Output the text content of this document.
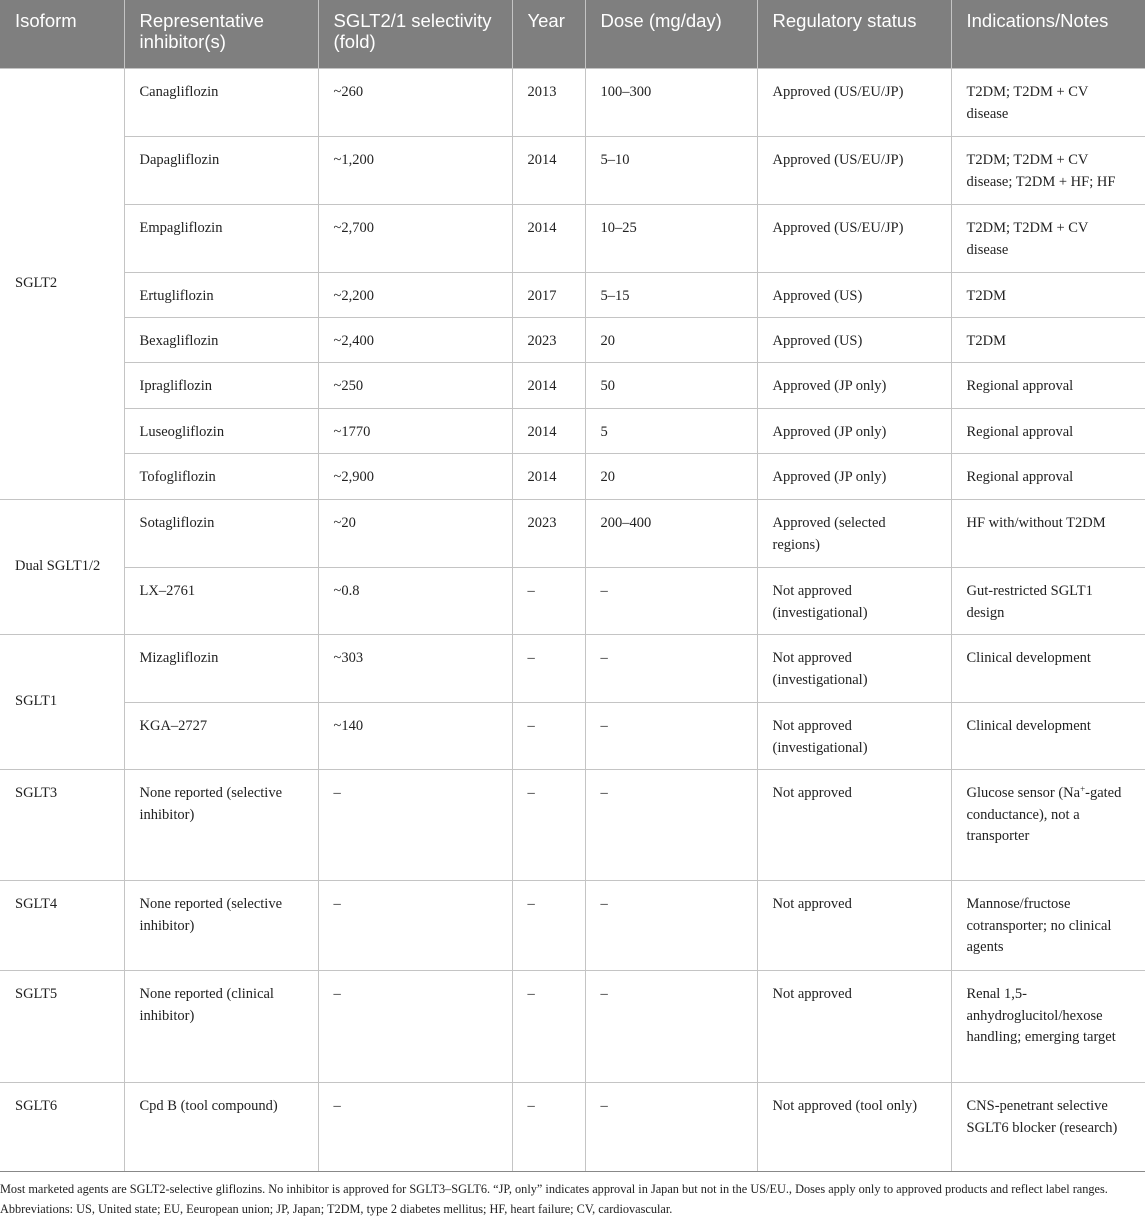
Isoform	Representative inhibitor(s)	SGLT2/1 selectivity (fold)	Year	Dose (mg/day)	Regulatory status	Indications/Notes
SGLT2	Canagliflozin	~260	2013	100–300	Approved (US/EU/JP)	T2DM; T2DM + CV disease
	Dapagliflozin	~1,200	2014	5–10	Approved (US/EU/JP)	T2DM; T2DM + CV disease; T2DM + HF; HF
	Empagliflozin	~2,700	2014	10–25	Approved (US/EU/JP)	T2DM; T2DM + CV disease
	Ertugliflozin	~2,200	2017	5–15	Approved (US)	T2DM
	Bexagliflozin	~2,400	2023	20	Approved (US)	T2DM
	Ipragliflozin	~250	2014	50	Approved (JP only)	Regional approval
	Luseogliflozin	~1770	2014	5	Approved (JP only)	Regional approval
	Tofogliflozin	~2,900	2014	20	Approved (JP only)	Regional approval
Dual SGLT1/2	Sotagliflozin	~20	2023	200–400	Approved (selected regions)	HF with/without T2DM
	LX–2761	~0.8	–	–	Not approved (investigational)	Gut-restricted SGLT1 design
SGLT1	Mizagliflozin	~303	–	–	Not approved (investigational)	Clinical development
	KGA–2727	~140	–	–	Not approved (investigational)	Clinical development
SGLT3	None reported (selective inhibitor)	–	–	–	Not approved	Glucose sensor (Na+-gated conductance), not a transporter
SGLT4	None reported (selective inhibitor)	–	–	–	Not approved	Mannose/fructose cotransporter; no clinical agents
SGLT5	None reported (clinical inhibitor)	–	–	–	Not approved	Renal 1,5-anhydroglucitol/hexose handling; emerging target
SGLT6	Cpd B (tool compound)	–	–	–	Not approved (tool only)	CNS-penetrant selective SGLT6 blocker (research)
Most marketed agents are SGLT2-selective gliflozins. No inhibitor is approved for SGLT3–SGLT6. “JP, only” indicates approval in Japan but not in the US/EU., Doses apply only to approved products and reflect label ranges. Abbreviations: US, United state; EU, Eeuropean union; JP, Japan; T2DM, type 2 diabetes mellitus; HF, heart failure; CV, cardiovascular.
